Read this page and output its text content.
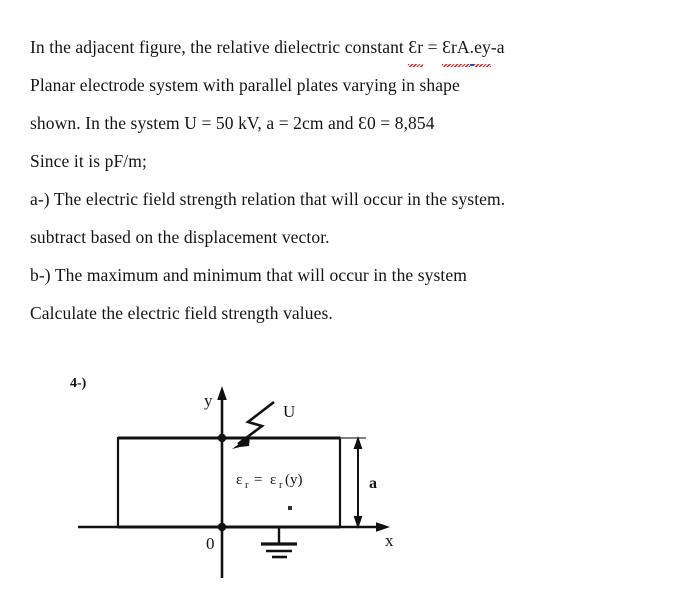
In the adjacent figure, the relative dielectric constant Ɛr = ƐrA.ey-a
Planar electrode system with parallel plates varying in shape
shown. In the system U = 50 kV, a = 2cm and Ɛ0 = 8,854
Since it is pF/m;
a-) The electric field strength relation that will occur in the system.
subtract based on the displacement vector.
b-) The maximum and minimum that will occur in the system
Calculate the electric field strength values.
4-)
y
x
0
U
a
ε r = ε r (y)
